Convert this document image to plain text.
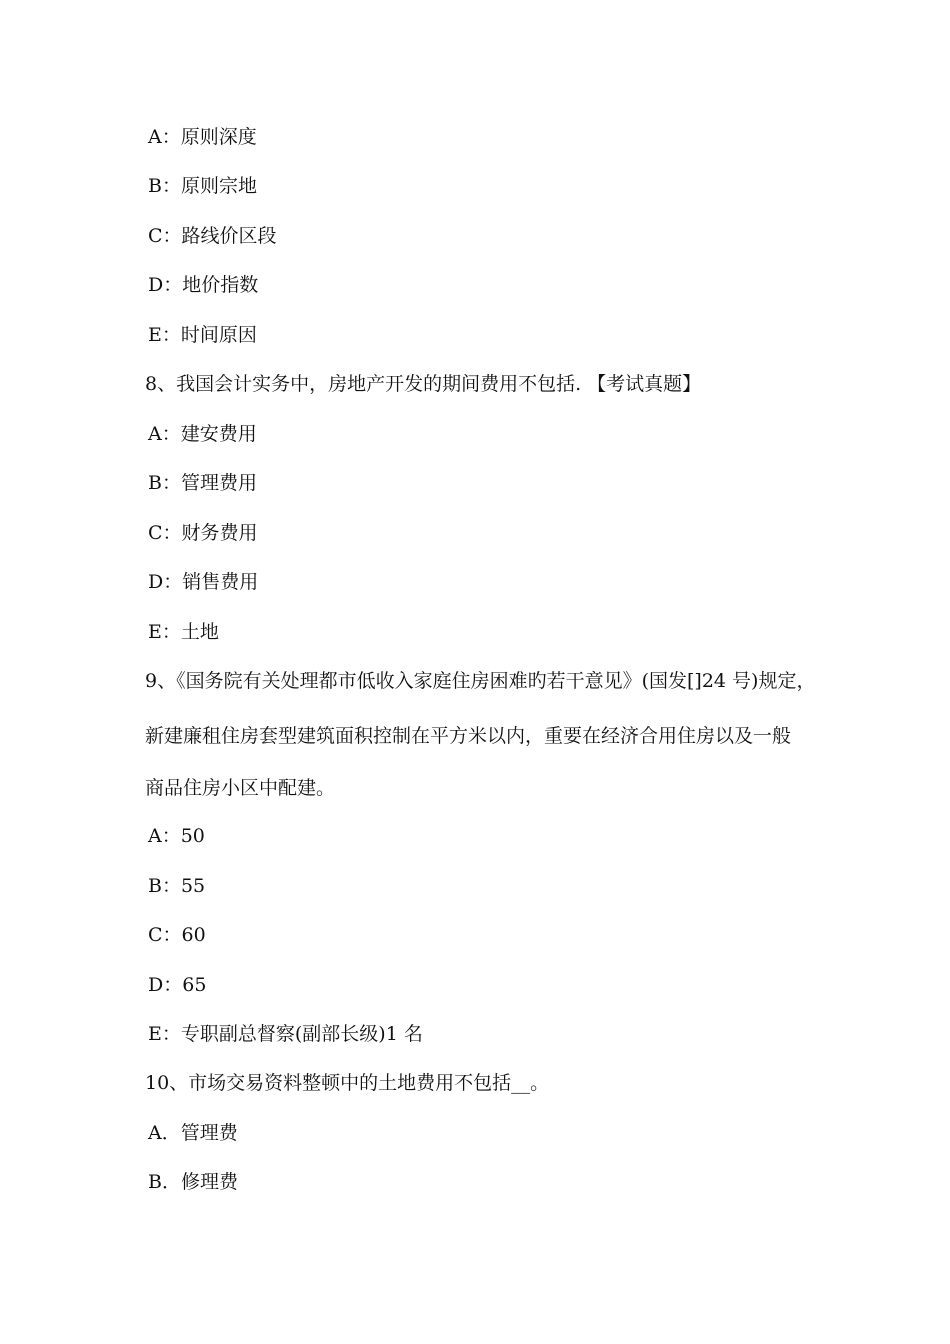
A：原则深度
B：原则宗地
C：路线价区段
D：地价指数
E：时间原因
8、我国会计实务中，房地产开发的期间费用不包括. 【考试真题】
A：建安费用
B：管理费用
C：财务费用
D：销售费用
E：土地
9、《国务院有关处理都市低收入家庭住房困难旳若干意见》(国发[]24 号)规定，
新建廉租住房套型建筑面积控制在平方米以内，重要在经济合用住房以及一般
商品住房小区中配建。
A：50
B：55
C：60
D：65
E：专职副总督察(副部长级)1 名
10、市场交易资料整顿中的土地费用不包括__。
A．管理费
B．修理费
